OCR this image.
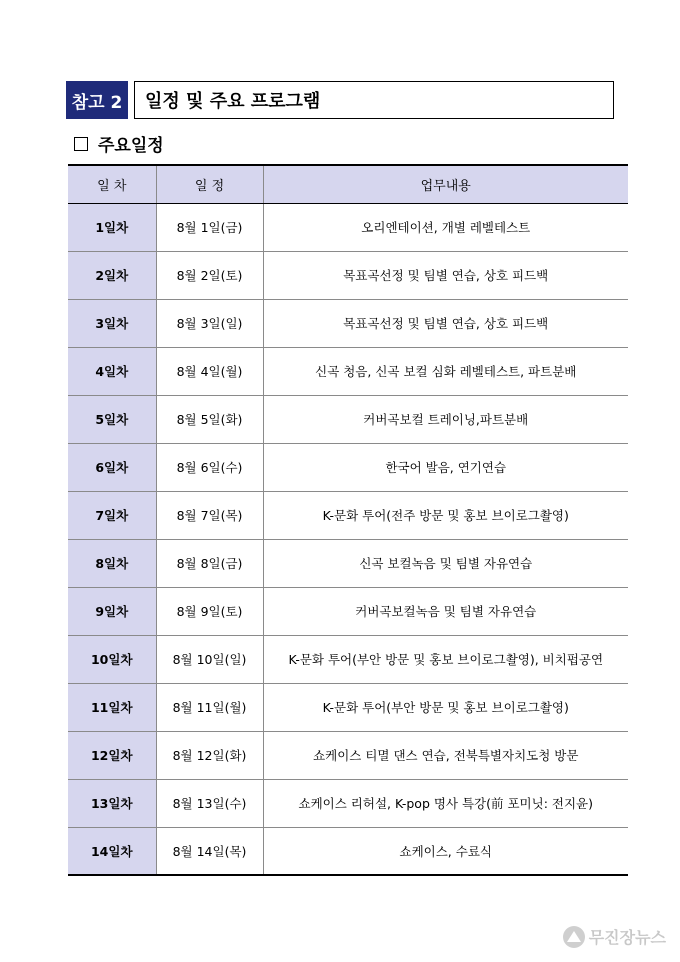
참고 2	일정 및 주요 프로그램
주요일정
일 차	일 정	업무내용
1일차	8월 1일(금)	오리엔테이션, 개별 레벨테스트
2일차	8월 2일(토)	목표곡선정 및 팀별 연습, 상호 피드백
3일차	8월 3일(일)	목표곡선정 및 팀별 연습, 상호 피드백
4일차	8월 4일(월)	신곡 청음, 신곡 보컬 심화 레벨테스트, 파트분배
5일차	8월 5일(화)	커버곡보컬 트레이닝,파트분배
6일차	8월 6일(수)	한국어 발음, 연기연습
7일차	8월 7일(목)	K-문화 투어(전주 방문 및 홍보 브이로그촬영)
8일차	8월 8일(금)	신곡 보컬녹음 및 팀별 자유연습
9일차	8월 9일(토)	커버곡보컬녹음 및 팀별 자유연습
10일차	8월 10일(일)	K-문화 투어(부안 방문 및 홍보 브이로그촬영), 비치펍공연
11일차	8월 11일(월)	K-문화 투어(부안 방문 및 홍보 브이로그촬영)
12일차	8월 12일(화)	쇼케이스 티멸 댄스 연습, 전북특별자치도청 방문
13일차	8월 13일(수)	쇼케이스 리허설, K-pop 명사 특강(前 포미닛: 전지윤)
14일차	8월 14일(목)	쇼케이스, 수료식
무진장뉴스
